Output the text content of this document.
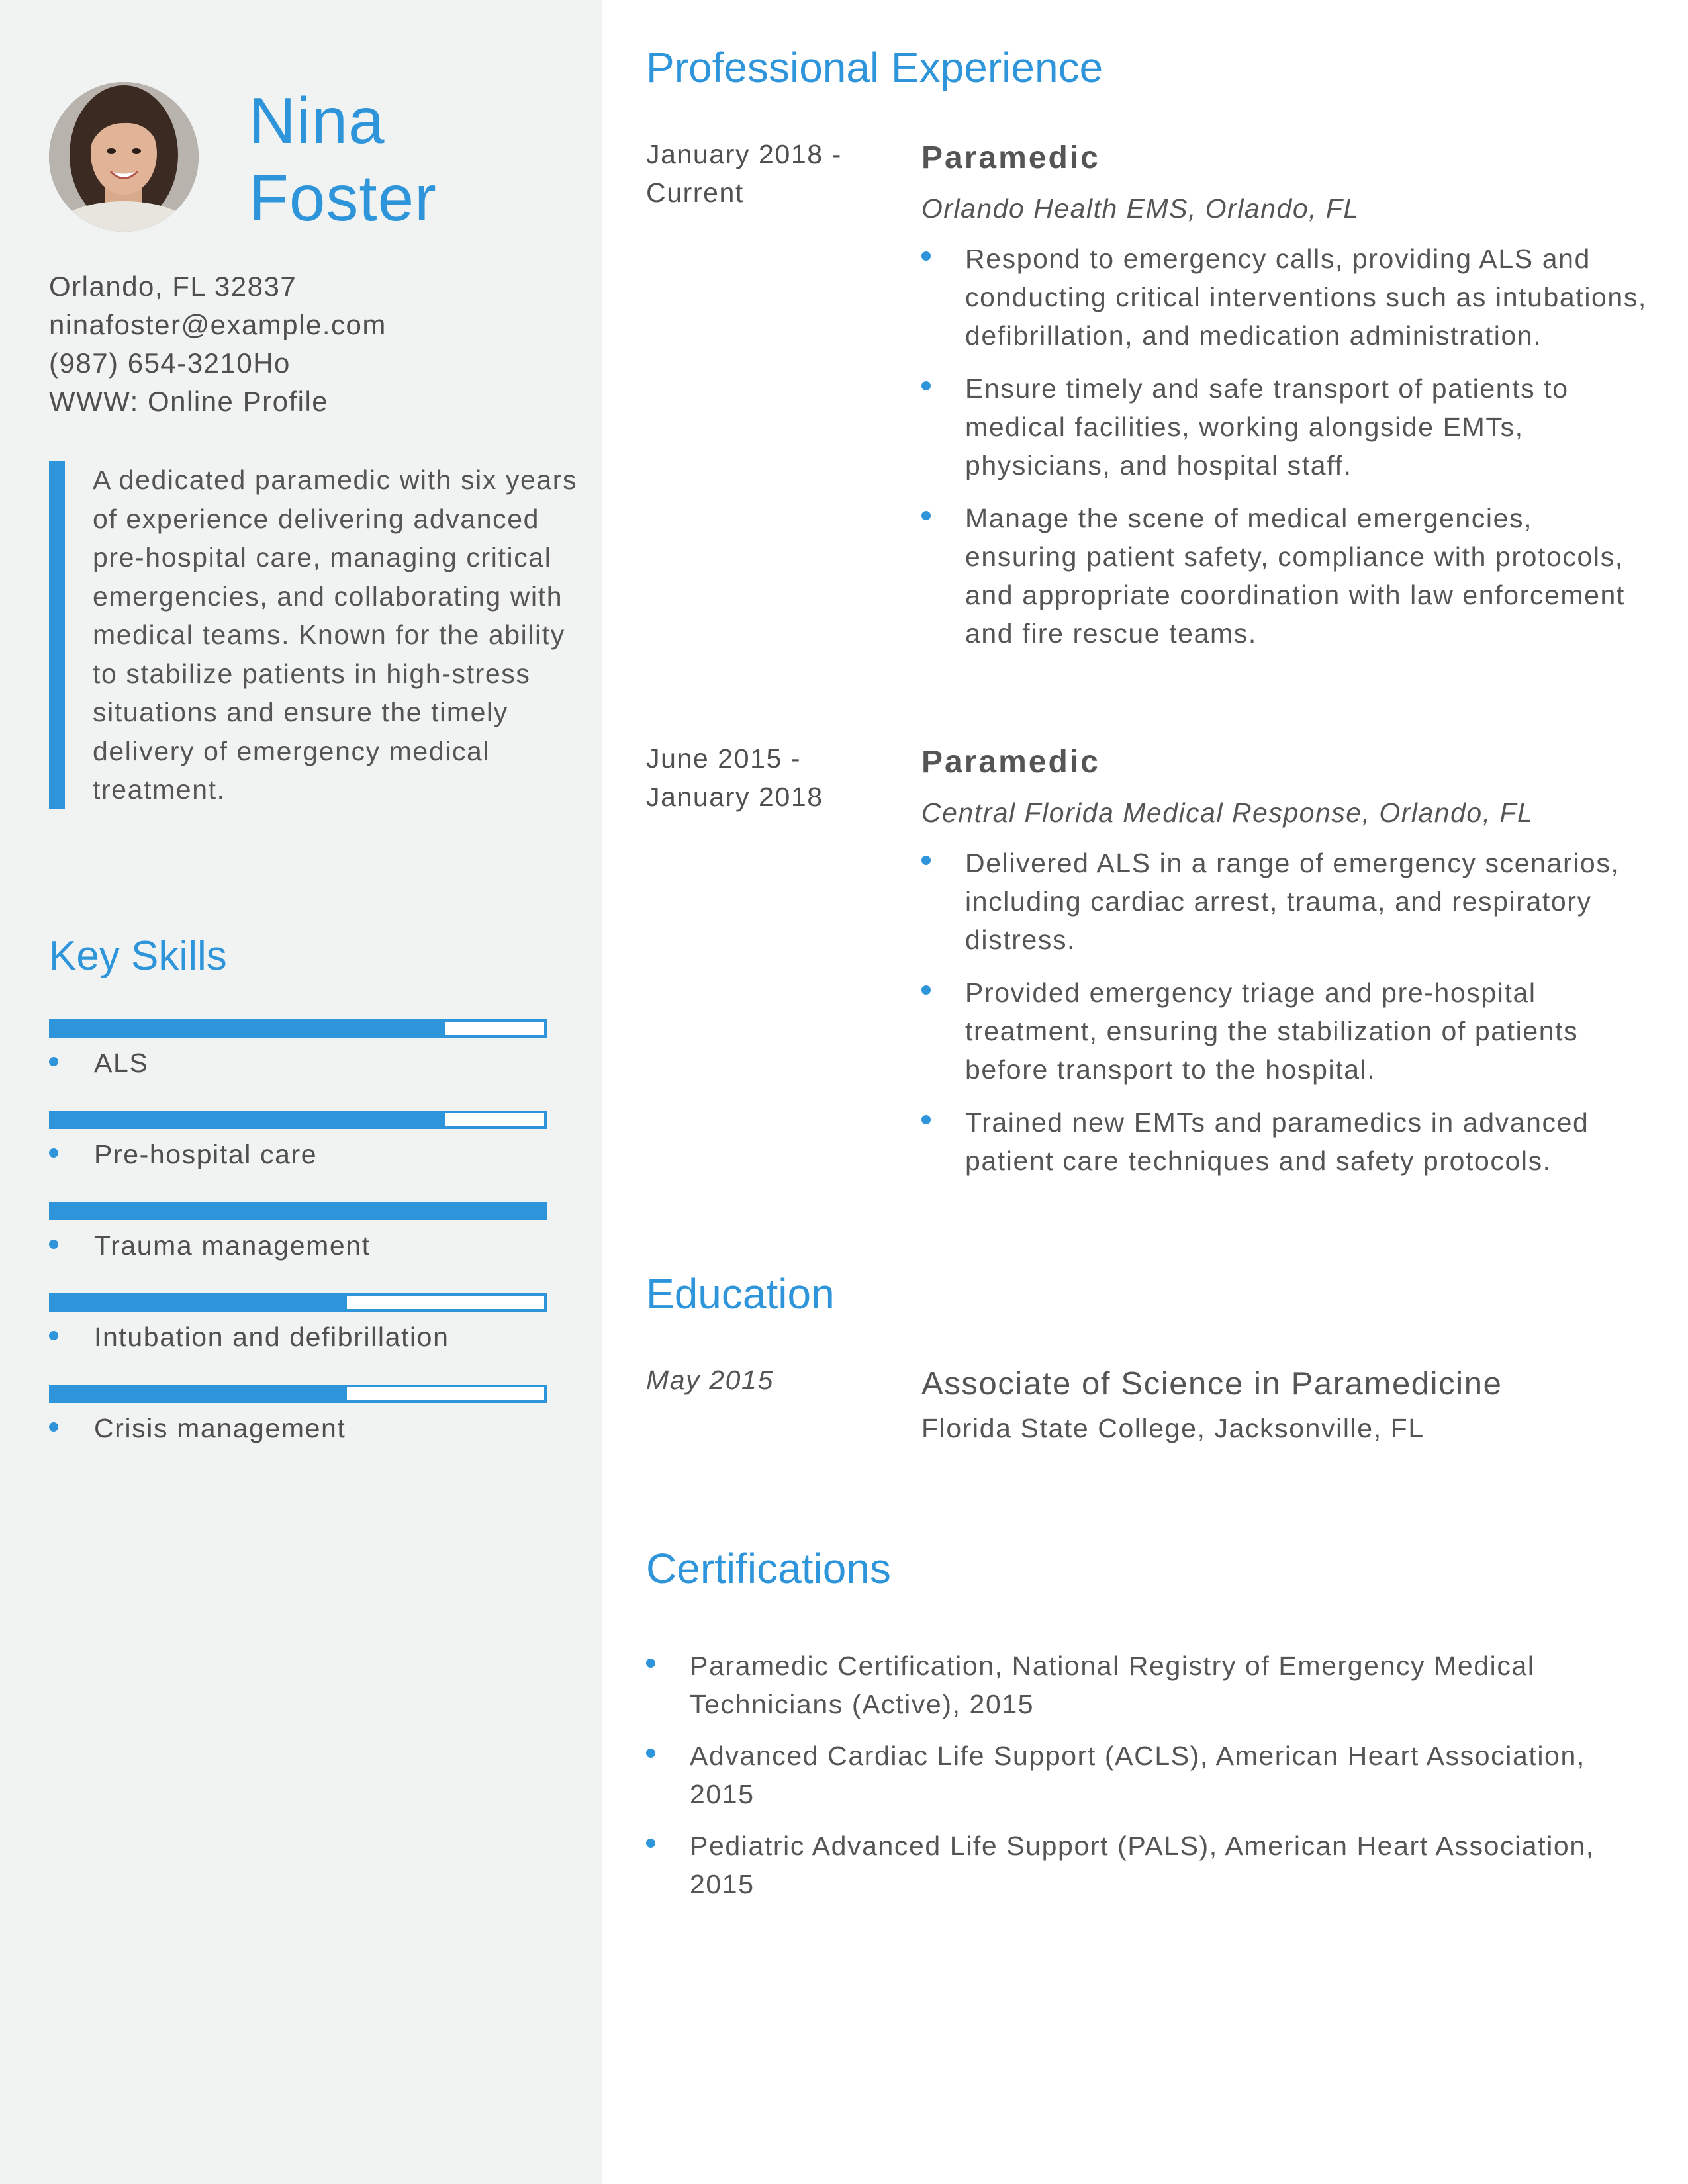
Nina
Foster
Orlando, FL 32837
ninafoster@example.com
(987) 654-3210Ho
WWW: Online Profile
A dedicated paramedic with six years of experience delivering advanced pre-hospital care, managing critical emergencies, and collaborating with medical teams. Known for the ability to stabilize patients in high-stress situations and ensure the timely delivery of emergency medical treatment.
Key Skills
ALS
Pre-hospital care
Trauma management
Intubation and defibrillation
Crisis management
Professional Experience
January 2018 -
Current
Paramedic
Orlando Health EMS, Orlando, FL
Respond to emergency calls, providing ALS and conducting critical interventions such as intubations, defibrillation, and medication administration.
Ensure timely and safe transport of patients to medical facilities, working alongside EMTs, physicians, and hospital staff.
Manage the scene of medical emergencies, ensuring patient safety, compliance with protocols, and appropriate coordination with law enforcement and fire rescue teams.
June 2015 -
January 2018
Paramedic
Central Florida Medical Response, Orlando, FL
Delivered ALS in a range of emergency scenarios, including cardiac arrest, trauma, and respiratory distress.
Provided emergency triage and pre-hospital treatment, ensuring the stabilization of patients before transport to the hospital.
Trained new EMTs and paramedics in advanced patient care techniques and safety protocols.
Education
May 2015	Associate of Science in Paramedicine
Florida State College, Jacksonville, FL
Certifications
Paramedic Certification, National Registry of Emergency Medical Technicians (Active), 2015
Advanced Cardiac Life Support (ACLS), American Heart Association, 2015
Pediatric Advanced Life Support (PALS), American Heart Association, 2015
